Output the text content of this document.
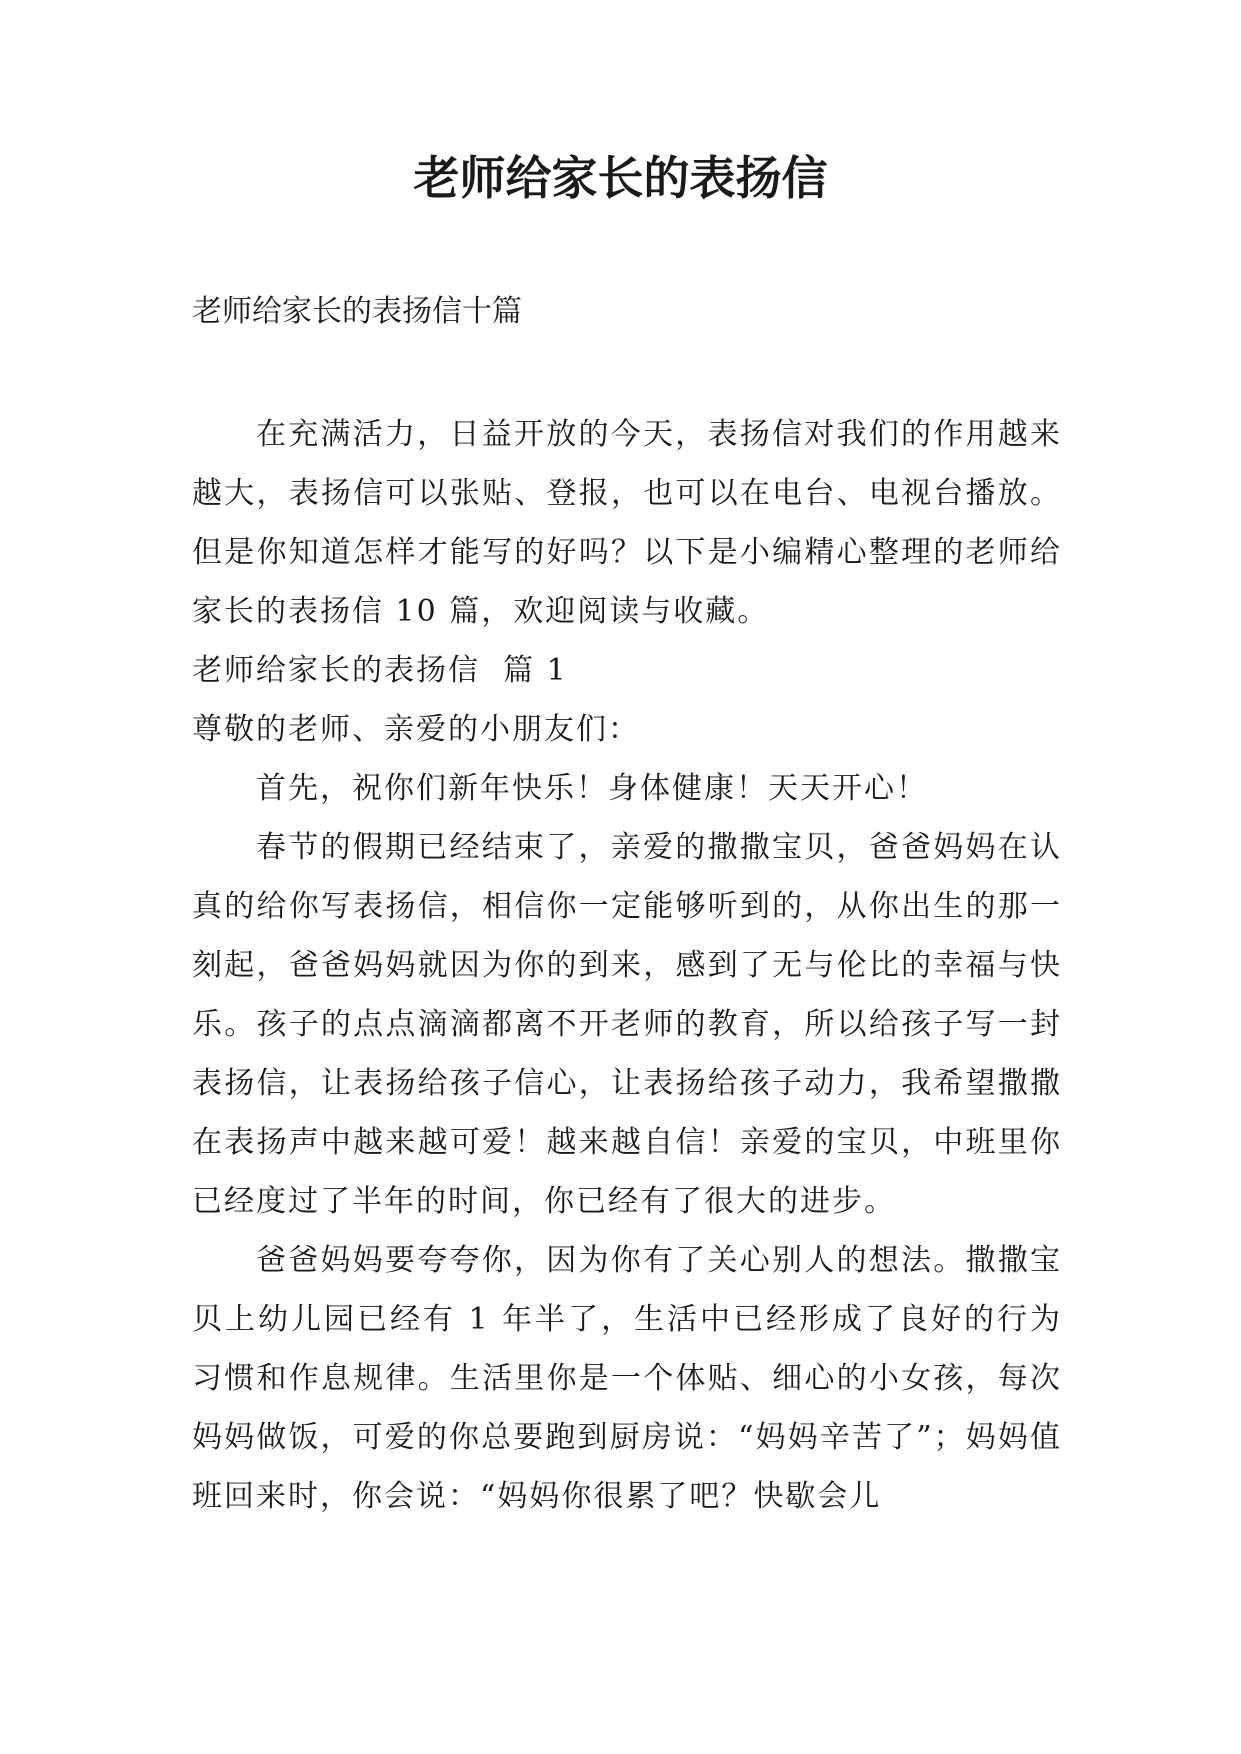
老师给家长的表扬信

老师给家长的表扬信十篇

在充满活力，日益开放的今天，表扬信对我们的作用越来越大，表扬信可以张贴、登报，也可以在电台、电视台播放。但是你知道怎样才能写的好吗？以下是小编精心整理的老师给家长的表扬信 10 篇，欢迎阅读与收藏。

老师给家长的表扬信  篇 1

尊敬的老师、亲爱的小朋友们：

首先，祝你们新年快乐！身体健康！天天开心！

春节的假期已经结束了，亲爱的撒撒宝贝，爸爸妈妈在认真的给你写表扬信，相信你一定能够听到的，从你出生的那一刻起，爸爸妈妈就因为你的到来，感到了无与伦比的幸福与快乐。孩子的点点滴滴都离不开老师的教育，所以给孩子写一封表扬信，让表扬给孩子信心，让表扬给孩子动力，我希望撒撒在表扬声中越来越可爱！越来越自信！亲爱的宝贝，中班里你已经度过了半年的时间，你已经有了很大的进步。

爸爸妈妈要夸夸你，因为你有了关心别人的想法。撒撒宝贝上幼儿园已经有 1 年半了，生活中已经形成了良好的行为习惯和作息规律。生活里你是一个体贴、细心的小女孩，每次妈妈做饭，可爱的你总要跑到厨房说：“妈妈辛苦了”；妈妈值班回来时，你会说：“妈妈你很累了吧？快歇会儿
